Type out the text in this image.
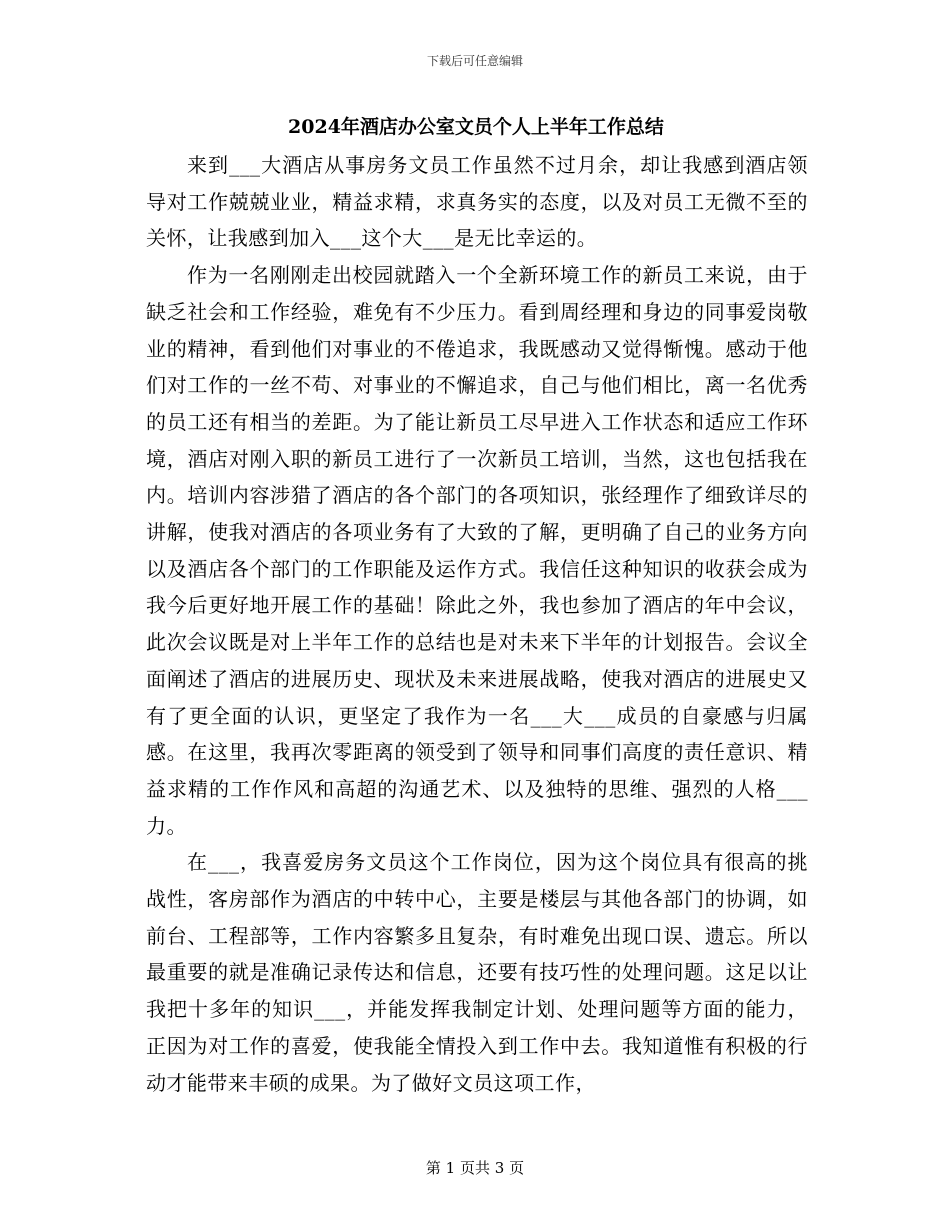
下载后可任意编辑
2024年酒店办公室文员个人上半年工作总结

来到___大酒店从事房务文员工作虽然不过月余，却让我感到酒店领导对工作兢兢业业，精益求精，求真务实的态度，以及对员工无微不至的关怀，让我感到加入___这个大___是无比幸运的。

作为一名刚刚走出校园就踏入一个全新环境工作的新员工来说，由于缺乏社会和工作经验，难免有不少压力。看到周经理和身边的同事爱岗敬业的精神，看到他们对事业的不倦追求，我既感动又觉得惭愧。感动于他们对工作的一丝不苟、对事业的不懈追求，自己与他们相比，离一名优秀的员工还有相当的差距。为了能让新员工尽早进入工作状态和适应工作环境，酒店对刚入职的新员工进行了一次新员工培训，当然，这也包括我在内。培训内容涉猎了酒店的各个部门的各项知识，张经理作了细致详尽的讲解，使我对酒店的各项业务有了大致的了解，更明确了自己的业务方向以及酒店各个部门的工作职能及运作方式。我信任这种知识的收获会成为我今后更好地开展工作的基础！除此之外，我也参加了酒店的年中会议，此次会议既是对上半年工作的总结也是对未来下半年的计划报告。会议全面阐述了酒店的进展历史、现状及未来进展战略，使我对酒店的进展史又有了更全面的认识，更坚定了我作为一名___大___成员的自豪感与归属感。在这里，我再次零距离的领受到了领导和同事们高度的责任意识、精益求精的工作作风和高超的沟通艺术、以及独特的思维、强烈的人格___力。

在___，我喜爱房务文员这个工作岗位，因为这个岗位具有很高的挑战性，客房部作为酒店的中转中心，主要是楼层与其他各部门的协调，如前台、工程部等，工作内容繁多且复杂，有时难免出现口误、遗忘。所以最重要的就是准确记录传达和信息，还要有技巧性的处理问题。这足以让我把十多年的知识___，并能发挥我制定计划、处理问题等方面的能力，正因为对工作的喜爱，使我能全情投入到工作中去。我知道惟有积极的行动才能带来丰硕的成果。为了做好文员这项工作，

第 1 页共 3 页
